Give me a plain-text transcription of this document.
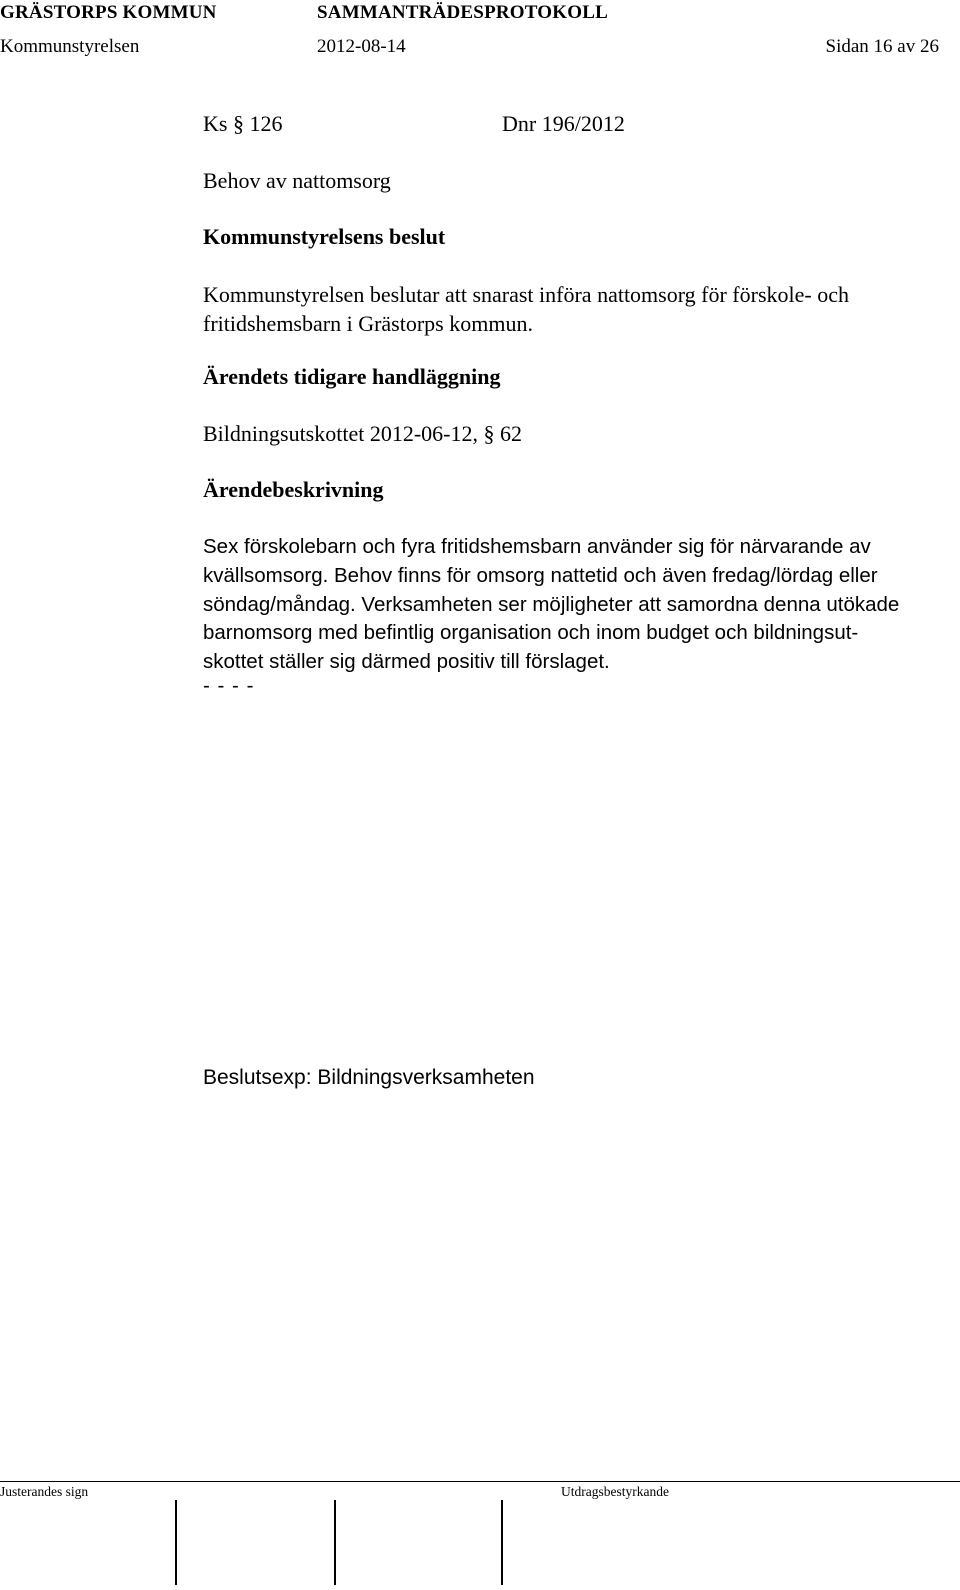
GRÄSTORPS KOMMUN	SAMMANTRÄDESPROTOKOLL
Kommunstyrelsen	2012-08-14	Sidan 16 av 26
Ks § 126	Dnr 196/2012
Behov av nattomsorg
Kommunstyrelsens beslut
Kommunstyrelsen beslutar att snarast införa nattomsorg för förskole- och fritidshemsbarn i Grästorps kommun.
Ärendets tidigare handläggning
Bildningsutskottet 2012-06-12, § 62
Ärendebeskrivning
Sex förskolebarn och fyra fritidshemsbarn använder sig för närvarande av
kvällsomsorg. Behov finns för omsorg nattetid och även fredag/lördag eller
söndag/måndag. Verksamheten ser möjligheter att samordna denna utökade
barnomsorg med befintlig organisation och inom budget och bildningsut-
skottet ställer sig därmed positiv till förslaget.
- - - -
Beslutsexp: Bildningsverksamheten
Justerandes sign	Utdragsbestyrkande
